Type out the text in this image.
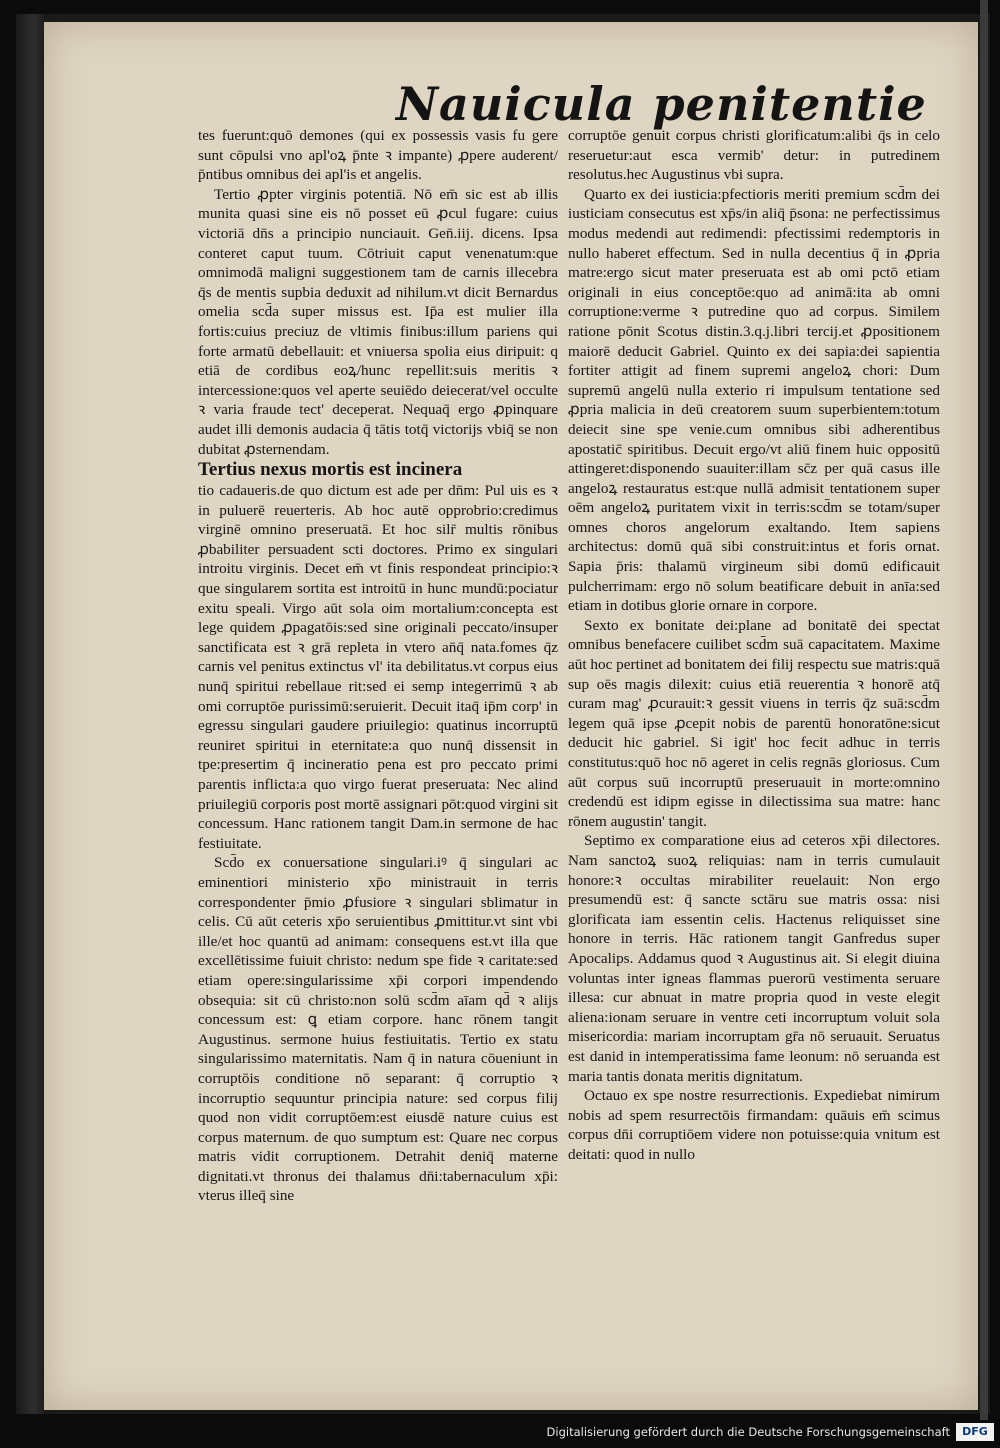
Nauicula penitentie

tes fuerunt:quō demones (qui ex possessis vasis fu gere sunt cōpulsi vno apl'oꝝ p̄nte ꝛ impante) ꝓpere auderent/ p̄ntibus omnibus dei apl'is et angelis.

Tertio ꝓpter virginis potentiā. Nō em̄ sic est ab illis munita quasi sine eis nō posset eū ꝓcul fugare: cuius victoriā dn̄s a principio nunciauit. Gen̄.iij. dicens. Ipsa conteret caput tuum. Cōtriuit caput venenatum:que omnimodā maligni suggestionem tam de carnis illecebra q̄s de mentis supbia deduxit ad nihilum.vt dicit Bernardus omelia scd̄a super missus est. Ip̄a est mulier illa fortis:cuius preciuz de vltimis finibus:illum pariens qui forte armatū debellauit: et vniuersa spolia eius diripuit: q etiā de cordibus eoꝝ/hunc repellit:suis meritis ꝛ intercessione:quos vel aperte seuiēdo deiecerat/vel occulte ꝛ varia fraude tect' deceperat. Nequaq̄ ergo ꝓpinquare audet illi demonis audacia q̄ tātis totq̄ victorijs vbiq̄ se non dubitat ꝓsternendam.

Tertius nexus mortis est incinera

tio cadaueris.de quo dictum est ade per dn̄m: Pul uis es ꝛ in puluerē reuerteris. Ab hoc autē opprobrio:credimus virginē omnino preseruatā. Et hoc silr̄ multis rōnibus ꝓbabiliter persuadent scti doctores. Primo ex singulari introitu virginis. Decet em̄ vt finis respondeat principio:ꝛ que singularem sortita est introitū in hunc mundū:pociatur exitu speali. Virgo aūt sola oim mortalium:concepta est lege quidem ꝓpagatōis:sed sine originali peccato/insuper sanctificata est ꝛ grā repleta in vtero an̄q̄ nata.fomes q̄z carnis vel penitus extinctus vl' ita debilitatus.vt corpus eius nunq̄ spiritui rebellaue rit:sed ei semp integerrimū ꝛ ab omi corruptōe purissimū:seruierit. Decuit itaq̄ ip̄m corp' in egressu singulari gaudere priuilegio: quatinus incorruptū reuniret spiritui in eternitate:a quo nunq̄ dissensit in tpe:presertim q̄ incineratio pena est pro peccato primi parentis inflicta:a quo virgo fuerat preseruata: Nec alind priuilegiū corporis post mortē assignari pōt:quod virgini sit concessum. Hanc rationem tangit Dam.in sermone de hac festiuitate.

Scd̄o ex conuersatione singulari.iꝰ q̄ singulari ac eminentiori ministerio xp̄o ministrauit in terris correspondenter p̄mio ꝓfusiore ꝛ singulari sblimatur in celis. Cū aūt ceteris xp̄o seruientibus ꝓmittitur.vt sint vbi ille/et hoc quantū ad animam: consequens est.vt illa que excellētissime fuiuit christo: nedum spe fide ꝛ caritate:sed etiam opere:singularissime xp̄i corpori impendendo obsequia: sit cū christo:non solū scd̄m aīam qd̄ ꝛ alijs concessum est: ꝗ etiam corpore. hanc rōnem tangit Augustinus. sermone huius festiuitatis. Tertio ex statu singularissimo maternitatis. Nam q̄ in natura cōueniunt in corruptōis conditione nō separant: q̄ corruptio ꝛ incorruptio sequuntur principia nature: sed corpus filij quod non vidit corruptōem:est eiusdē nature cuius est corpus maternum. de quo sumptum est: Quare nec corpus matris vidit corruptionem. Detrahit deniq̄ materne dignitati.vt thronus dei thalamus dn̄i:tabernaculum xp̄i: vterus illeq̄ sine

corruptōe genuit corpus christi glorificatum:alibi q̄s in celo reseruetur:aut esca vermib' detur: in putredinem resolutus.hec Augustinus vbi supra.

Quarto ex dei iusticia:pfectioris meriti premium scd̄m dei iusticiam consecutus est xp̄s/in aliq̄ p̄sona: ne perfectissimus modus medendi aut redimendi: pfectissimi redemptoris in nullo haberet effectum. Sed in nulla decentius q̄ in ꝓpria matre:ergo sicut mater preseruata est ab omi pctō etiam originali in eius conceptōe:quo ad animā:ita ab omni corruptione:verme ꝛ putredine quo ad corpus. Similem ratione pōnit Scotus distin.3.q.j.libri tercij.et ꝓpositionem maiorē deducit Gabriel. Quinto ex dei sapia:dei sapientia fortiter attigit ad finem supremi angeloꝝ chori: Dum supremū angelū nulla exterio ri impulsum tentatione sed ꝓpria malicia in deū creatorem suum superbientem:totum deiecit sine spe venie.cum omnibus sibi adherentibus apostatic̄ spiritibus. Decuit ergo/vt aliū finem huic oppositū attingeret:disponendo suauiter:illam sc̄z per quā casus ille angeloꝝ restauratus est:que nullā admisit tentationem super oēm angeloꝝ puritatem vixit in terris:scd̄m se totam/super omnes choros angelorum exaltando. Item sapiens architectus: domū quā sibi construit:intus et foris ornat. Sapia p̄ris: thalamū virgineum sibi domū edificauit pulcherrimam: ergo nō solum beatificare debuit in anīa:sed etiam in dotibus glorie ornare in corpore.

Sexto ex bonitate dei:plane ad bonitatē dei spectat omnibus benefacere cuilibet scd̄m suā capacitatem. Maxime aūt hoc pertinet ad bonitatem dei filij respectu sue matris:quā sup oēs magis dilexit: cuius etiā reuerentia ꝛ honorē atq̄ curam mag' ꝓcurauit:ꝛ gessit viuens in terris q̄z suā:scd̄m legem quā ipse ꝓcepit nobis de parentū honoratōne:sicut deducit hic gabriel. Si igit' hoc fecit adhuc in terris constitutus:quō hoc nō ageret in celis regnās gloriosus. Cum aūt corpus suū incorruptū preseruauit in morte:omnino credendū est idipm egisse in dilectissima sua matre: hanc rōnem augustin' tangit.

Septimo ex comparatione eius ad ceteros xp̄i dilectores. Nam sanctoꝝ suoꝝ reliquias: nam in terris cumulauit honore:ꝛ occultas mirabiliter reuelauit: Non ergo presumendū est: q̄ sancte sctāru sue matris ossa: nisi glorificata iam essentin celis. Hactenus reliquisset sine honore in terris. Hāc rationem tangit Ganfredus super Apocalips. Addamus quod ꝛ Augustinus ait. Si elegit diuina voluntas inter igneas flammas puerorū vestimenta seruare illesa: cur abnuat in matre propria quod in veste elegit aliena:ionam seruare in ventre ceti incorruptum voluit sola misericordia: mariam incorruptam gr̄a nō seruauit. Seruatus est danid in intemperatissima fame leonum: nō seruanda est maria tantis donata meritis dignitatum.

Octauo ex spe nostre resurrectionis. Expediebat nimirum nobis ad spem resurrectōis firmandam: quāuis em̄ scimus corpus dn̄i corruptiōem videre non potuisse:quia vnitum est deitati: quod in nullo

Digitalisierung gefördert durch die Deutsche Forschungsgemeinschaft	DFG
